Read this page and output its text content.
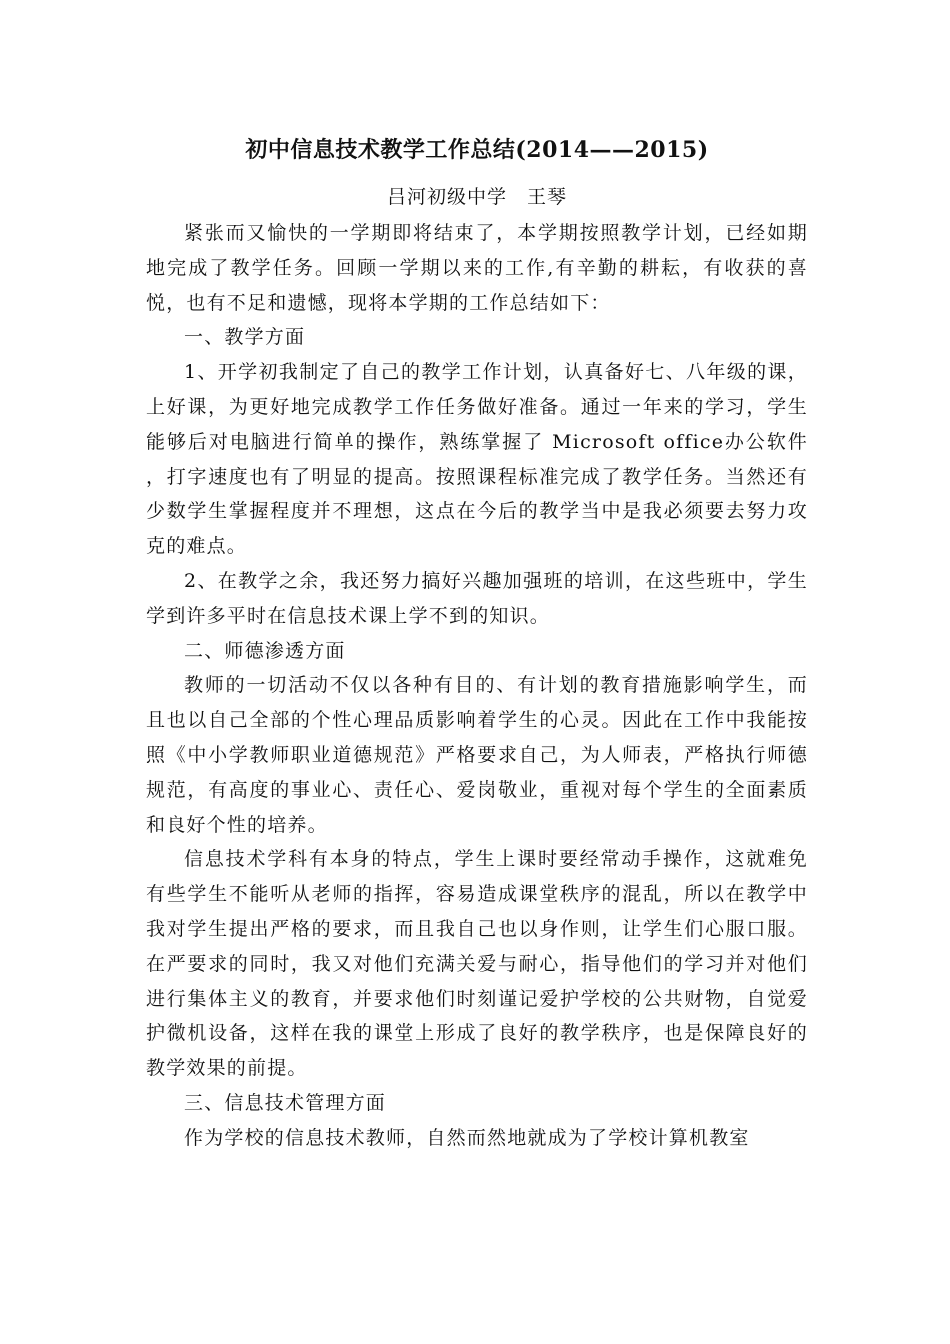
初中信息技术教学工作总结(2014——2015)
吕河初级中学　王琴

紧张而又愉快的一学期即将结束了，本学期按照教学计划，已经如期地完成了教学任务。回顾一学期以来的工作,有辛勤的耕耘，有收获的喜悦，也有不足和遗憾，现将本学期的工作总结如下：

一、教学方面

1、开学初我制定了自己的教学工作计划，认真备好七、八年级的课，上好课，为更好地完成教学工作任务做好准备。通过一年来的学习，学生能够后对电脑进行简单的操作，熟练掌握了 Microsoft office办公软件 ，打字速度也有了明显的提高。按照课程标准完成了教学任务。当然还有少数学生掌握程度并不理想，这点在今后的教学当中是我必须要去努力攻克的难点。

2、在教学之余，我还努力搞好兴趣加强班的培训，在这些班中，学生学到许多平时在信息技术课上学不到的知识。

二、师德渗透方面

教师的一切活动不仅以各种有目的、有计划的教育措施影响学生，而且也以自己全部的个性心理品质影响着学生的心灵。因此在工作中我能按照《中小学教师职业道德规范》严格要求自己，为人师表，严格执行师德规范，有高度的事业心、责任心、爱岗敬业，重视对每个学生的全面素质和良好个性的培养。

信息技术学科有本身的特点，学生上课时要经常动手操作，这就难免有些学生不能听从老师的指挥，容易造成课堂秩序的混乱，所以在教学中我对学生提出严格的要求，而且我自己也以身作则，让学生们心服口服。在严要求的同时，我又对他们充满关爱与耐心，指导他们的学习并对他们进行集体主义的教育，并要求他们时刻谨记爱护学校的公共财物，自觉爱护微机设备，这样在我的课堂上形成了良好的教学秩序，也是保障良好的教学效果的前提。

三、信息技术管理方面

作为学校的信息技术教师，自然而然地就成为了学校计算机教室
